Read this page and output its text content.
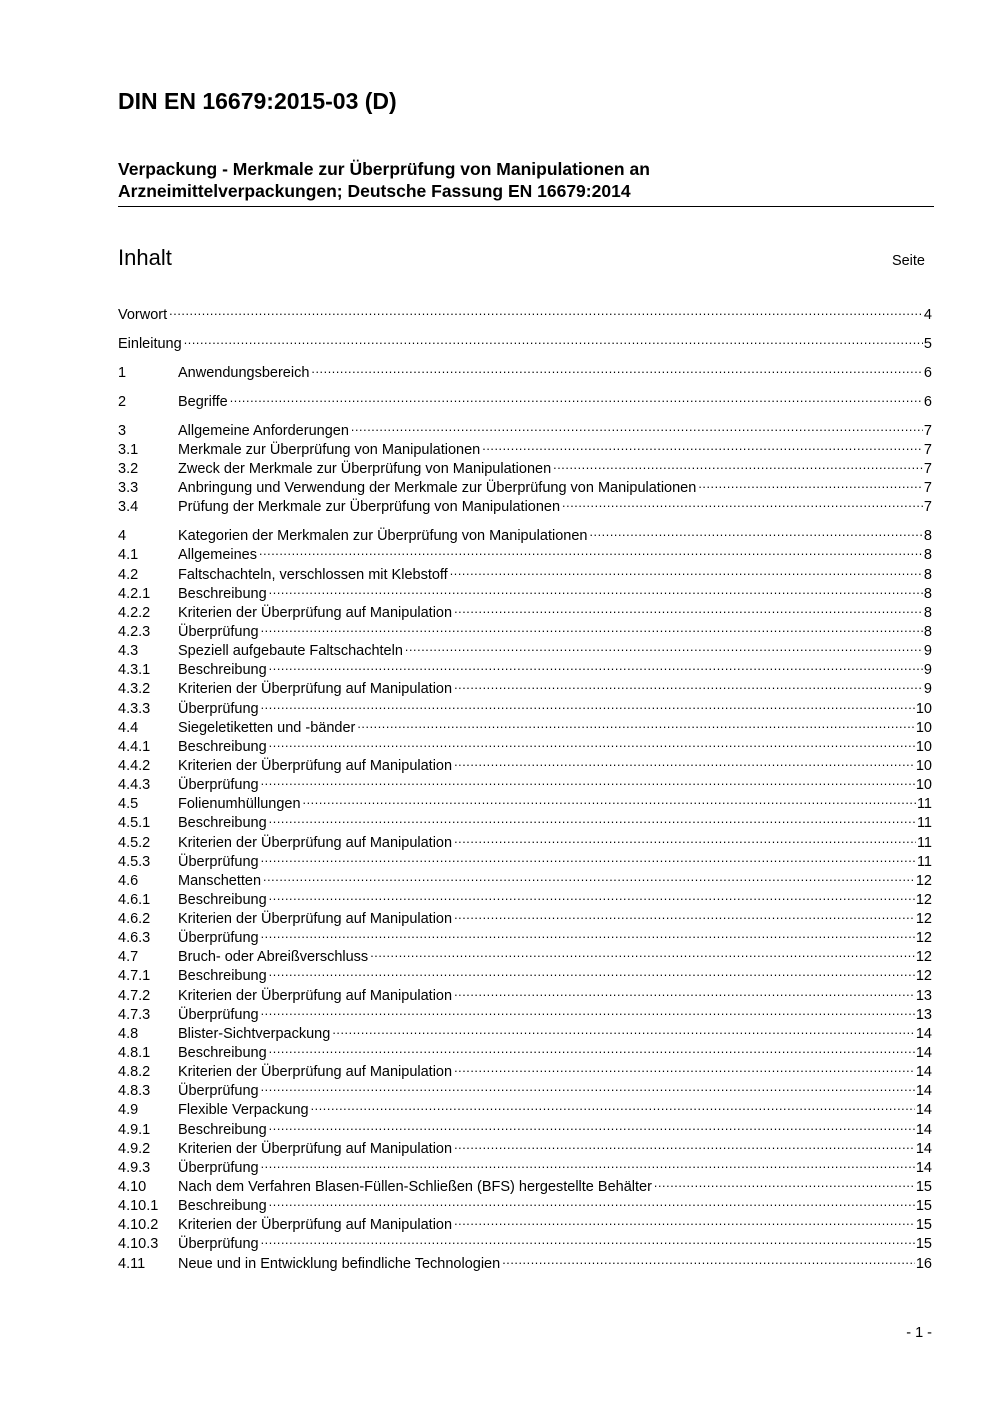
DIN EN 16679:2015-03 (D)
Verpackung - Merkmale zur Überprüfung von Manipulationen an
Arzneimittelverpackungen; Deutsche Fassung EN 16679:2014
Inhalt	Seite
Vorwort .....	4
Einleitung .....	5
1	Anwendungsbereich .....	6
2	Begriffe .....	6
3	Allgemeine Anforderungen .....	7
3.1	Merkmale zur Überprüfung von Manipulationen .....	7
3.2	Zweck der Merkmale zur Überprüfung von Manipulationen .....	7
3.3	Anbringung und Verwendung der Merkmale zur Überprüfung von Manipulationen .....	7
3.4	Prüfung der Merkmale zur Überprüfung von Manipulationen .....	7
4	Kategorien der Merkmalen zur Überprüfung von Manipulationen .....	8
4.1	Allgemeines .....	8
4.2	Faltschachteln, verschlossen mit Klebstoff .....	8
4.2.1	Beschreibung .....	8
4.2.2	Kriterien der Überprüfung auf Manipulation .....	8
4.2.3	Überprüfung .....	8
4.3	Speziell aufgebaute Faltschachteln .....	9
4.3.1	Beschreibung .....	9
4.3.2	Kriterien der Überprüfung auf Manipulation .....	9
4.3.3	Überprüfung .....	10
4.4	Siegeletiketten und -bänder .....	10
4.4.1	Beschreibung .....	10
4.4.2	Kriterien der Überprüfung auf Manipulation .....	10
4.4.3	Überprüfung .....	10
4.5	Folienumhüllungen .....	11
4.5.1	Beschreibung .....	11
4.5.2	Kriterien der Überprüfung auf Manipulation .....	11
4.5.3	Überprüfung .....	11
4.6	Manschetten .....	12
4.6.1	Beschreibung .....	12
4.6.2	Kriterien der Überprüfung auf Manipulation .....	12
4.6.3	Überprüfung .....	12
4.7	Bruch- oder Abreißverschluss .....	12
4.7.1	Beschreibung .....	12
4.7.2	Kriterien der Überprüfung auf Manipulation .....	13
4.7.3	Überprüfung .....	13
4.8	Blister-Sichtverpackung .....	14
4.8.1	Beschreibung .....	14
4.8.2	Kriterien der Überprüfung auf Manipulation .....	14
4.8.3	Überprüfung .....	14
4.9	Flexible Verpackung .....	14
4.9.1	Beschreibung .....	14
4.9.2	Kriterien der Überprüfung auf Manipulation .....	14
4.9.3	Überprüfung .....	14
4.10	Nach dem Verfahren Blasen-Füllen-Schließen (BFS) hergestellte Behälter .....	15
4.10.1	Beschreibung .....	15
4.10.2	Kriterien der Überprüfung auf Manipulation .....	15
4.10.3	Überprüfung .....	15
4.11	Neue und in Entwicklung befindliche Technologien .....	16
- 1 -
